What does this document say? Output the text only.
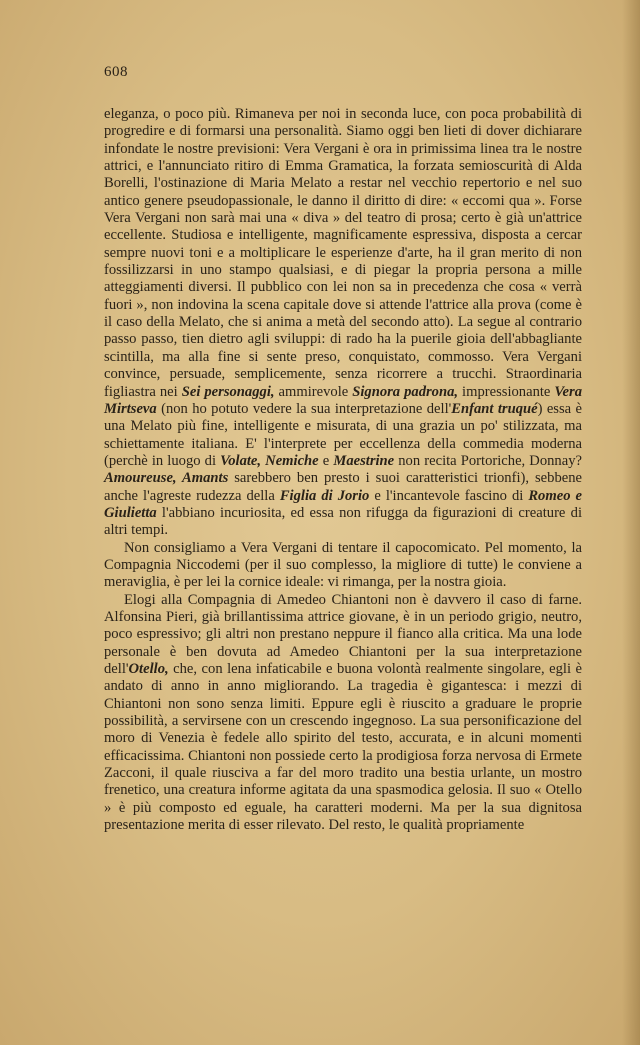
608

eleganza, o poco più. Rimaneva per noi in seconda luce, con poca probabilità di progredire e di formarsi una personalità. Siamo oggi ben lieti di dover dichiarare infondate le nostre previsioni: Vera Vergani è ora in primissima linea tra le nostre attrici, e l'annunciato ritiro di Emma Gramatica, la forzata semioscurità di Alda Borelli, l'ostinazione di Maria Melato a restar nel vecchio repertorio e nel suo antico genere pseudopassionale, le danno il diritto di dire: « eccomi qua ». Forse Vera Vergani non sarà mai una « diva » del teatro di prosa; certo è già un'attrice eccellente. Studiosa e intelligente, magnificamente espressiva, disposta a cercar sempre nuovi toni e a moltiplicare le esperienze d'arte, ha il gran merito di non fossilizzarsi in uno stampo qualsiasi, e di piegar la propria persona a mille atteggiamenti diversi. Il pubblico con lei non sa in precedenza che cosa « verrà fuori », non indovina la scena capitale dove si attende l'attrice alla prova (come è il caso della Melato, che si anima a metà del secondo atto). La segue al contrario passo passo, tien dietro agli sviluppi: di rado ha la puerile gioia dell'abbagliante scintilla, ma alla fine si sente preso, conquistato, commosso. Vera Vergani convince, persuade, semplicemente, senza ricorrere a trucchi. Straordinaria figliastra nei Sei personaggi, ammirevole Signora padrona, impressionante Vera Mirtseva (non ho potuto vedere la sua interpretazione dell'Enfant truqué) essa è una Melato più fine, intelligente e misurata, di una grazia un po' stilizzata, ma schiettamente italiana. E' l'interprete per eccellenza della commedia moderna (perchè in luogo di Volate, Nemiche e Maestrine non recita Portoriche, Donnay? Amoureuse, Amants sarebbero ben presto i suoi caratteristici trionfi), sebbene anche l'agreste rudezza della Figlia di Jorio e l'incantevole fascino di Romeo e Giulietta l'abbiano incuriosita, ed essa non rifugga da figurazioni di creature di altri tempi.

Non consigliamo a Vera Vergani di tentare il capocomicato. Pel momento, la Compagnia Niccodemi (per il suo complesso, la migliore di tutte) le conviene a meraviglia, è per lei la cornice ideale: vi rimanga, per la nostra gioia.

Elogi alla Compagnia di Amedeo Chiantoni non è davvero il caso di farne. Alfonsina Pieri, già brillantissima attrice giovane, è in un periodo grigio, neutro, poco espressivo; gli altri non prestano neppure il fianco alla critica. Ma una lode personale è ben dovuta ad Amedeo Chiantoni per la sua interpretazione dell'Otello, che, con lena infaticabile e buona volontà realmente singolare, egli è andato di anno in anno migliorando. La tragedia è gigantesca: i mezzi di Chiantoni non sono senza limiti. Eppure egli è riuscito a graduare le proprie possibilità, a servirsene con un crescendo ingegnoso. La sua personificazione del moro di Venezia è fedele allo spirito del testo, accurata, e in alcuni momenti efficacissima. Chiantoni non possiede certo la prodigiosa forza nervosa di Ermete Zacconi, il quale riusciva a far del moro tradito una bestia urlante, un mostro frenetico, una creatura informe agitata da una spasmodica gelosia. Il suo « Otello » è più composto ed eguale, ha caratteri moderni. Ma per la sua dignitosa presentazione merita di esser rilevato. Del resto, le qualità propriamente
